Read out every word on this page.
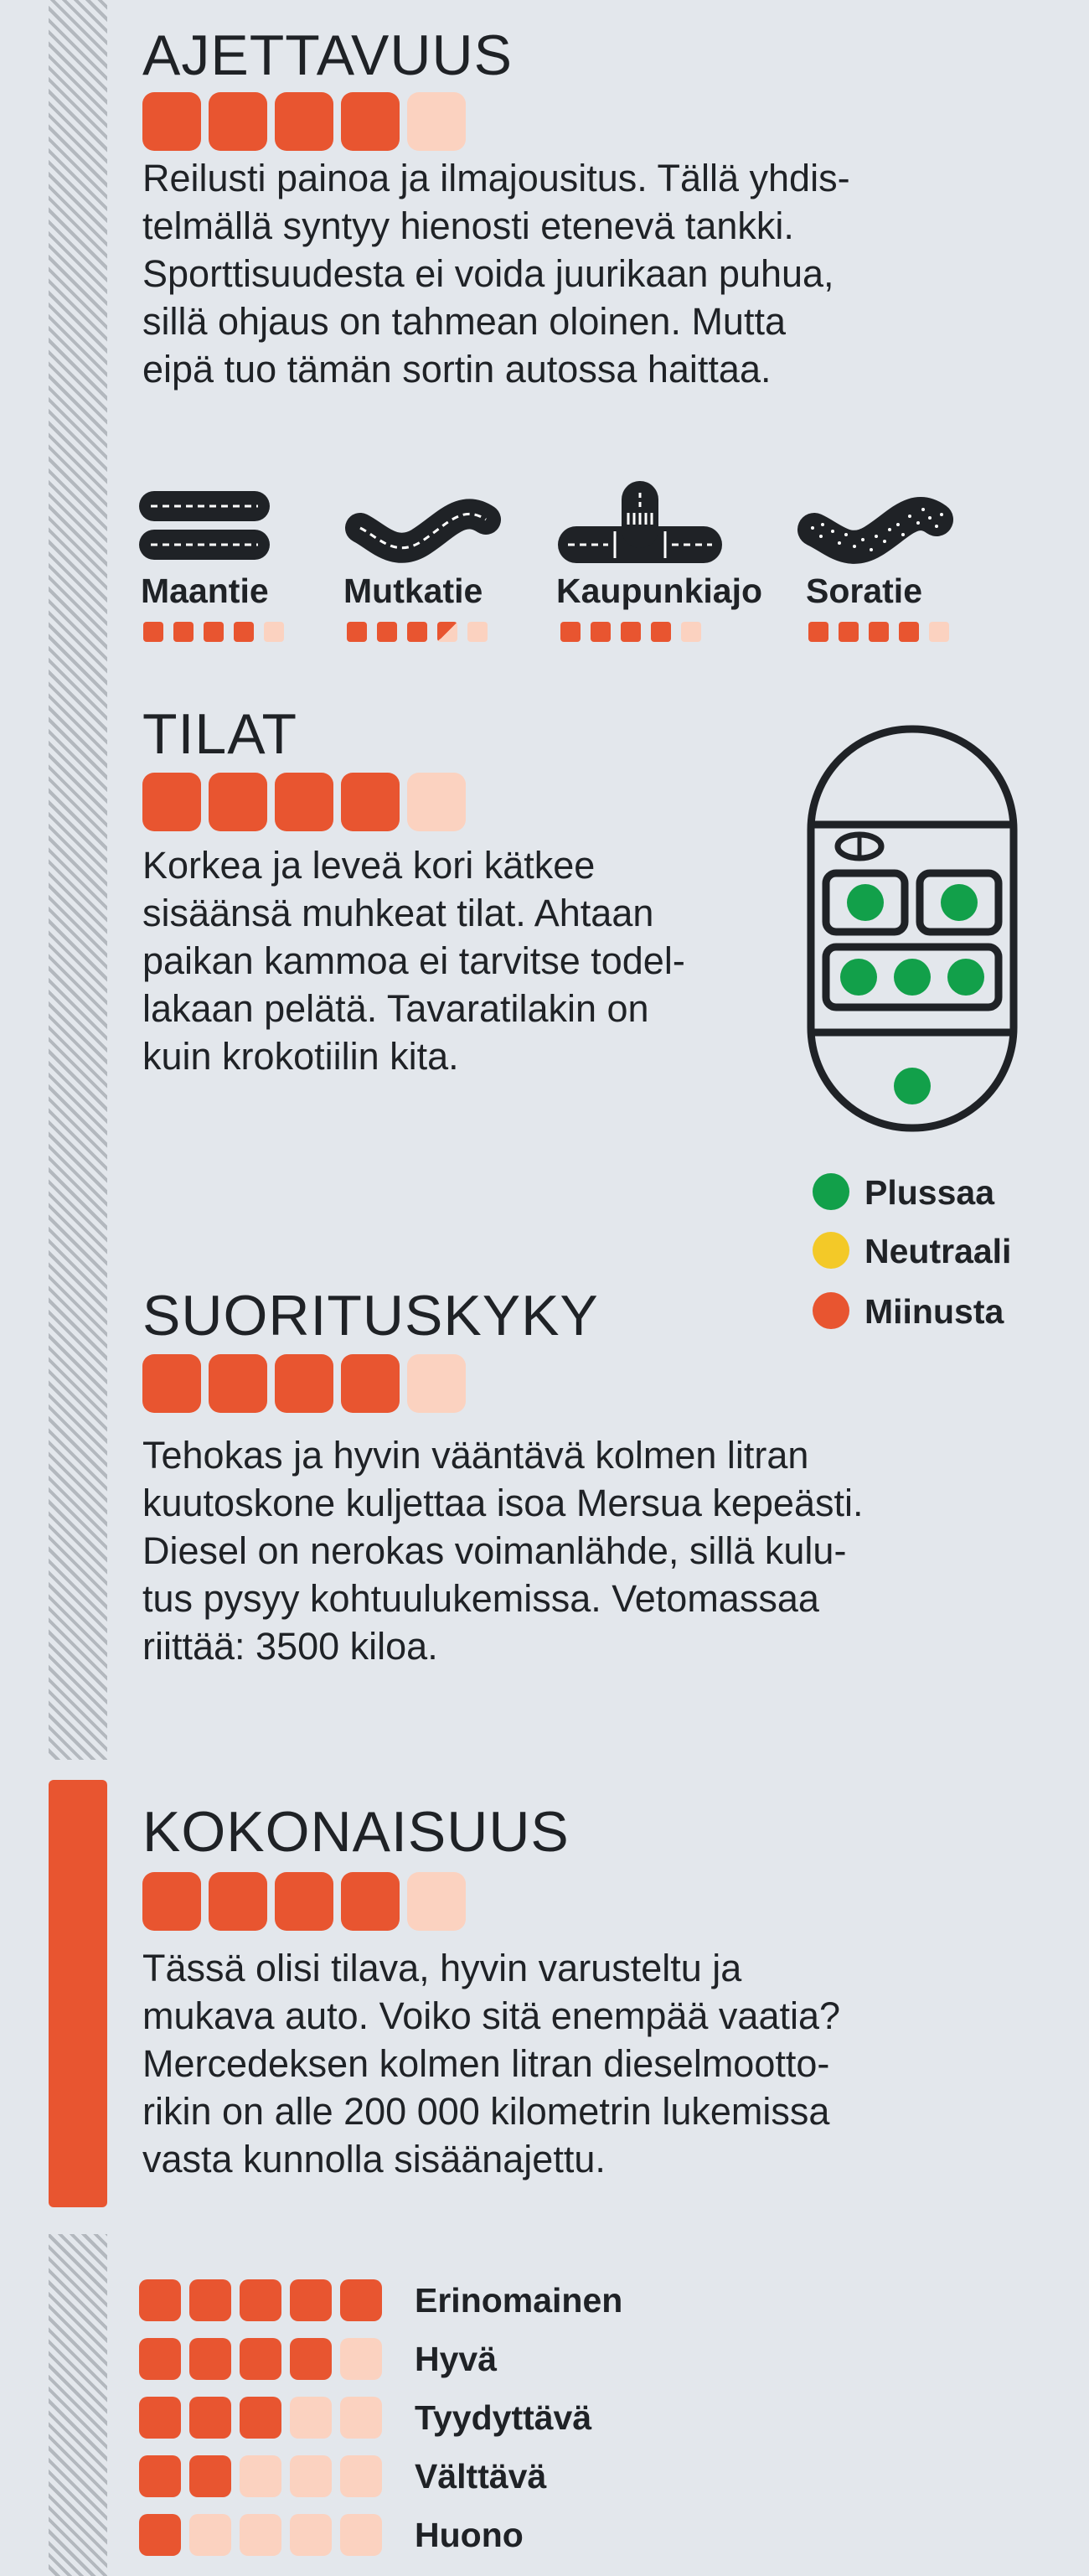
AJETTAVUUS
Reilusti painoa ja ilmajousitus. Tällä yhdis-
telmällä syntyy hienosti etenevä tankki.
Sporttisuudesta ei voida juurikaan puhua,
sillä ohjaus on tahmean oloinen. Mutta
eipä tuo tämän sortin autossa haittaa.
Maantie Mutkatie Kaupunkiajo Soratie
TILAT
Korkea ja leveä kori kätkee
sisäänsä muhkeat tilat. Ahtaan
paikan kammoa ei tarvitse todel-
lakaan pelätä. Tavaratilakin on
kuin krokotiilin kita.
Plussaa
Neutraali
Miinusta
SUORITUSKYKY
Tehokas ja hyvin vääntävä kolmen litran
kuutoskone kuljettaa isoa Mersua kepeästi.
Diesel on nerokas voimanlähde, sillä kulu-
tus pysyy kohtuulukemissa. Vetomassaa
riittää: 3500 kiloa.
KOKONAISUUS
Tässä olisi tilava, hyvin varusteltu ja
mukava auto. Voiko sitä enempää vaatia?
Mercedeksen kolmen litran dieselmootto-
rikin on alle 200 000 kilometrin lukemissa
vasta kunnolla sisäänajettu.
Erinomainen
Hyvä
Tyydyttävä
Välttävä
Huono
